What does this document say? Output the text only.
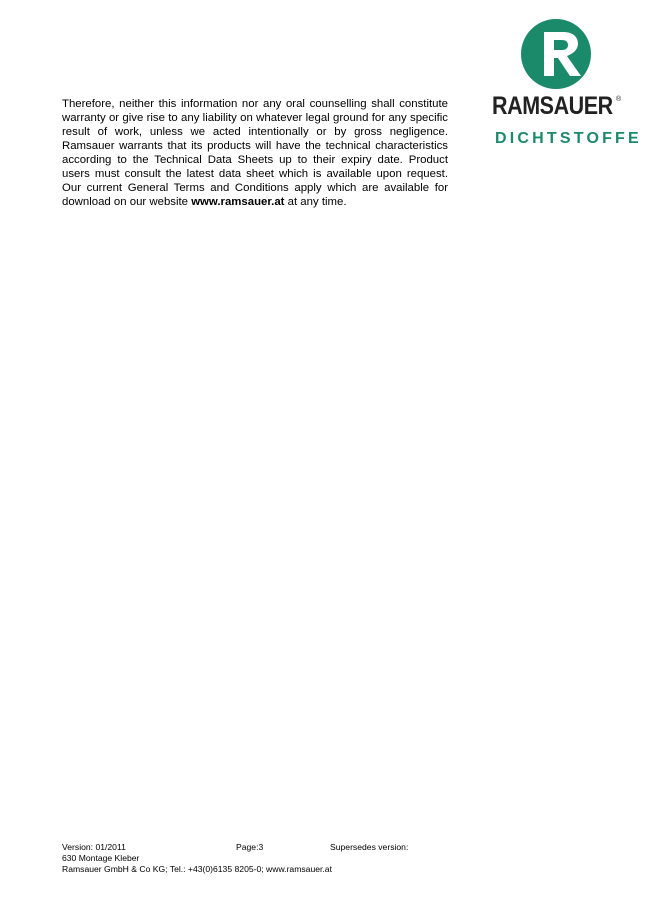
RAMSAUER ®
DICHTSTOFFE
Therefore, neither this information nor any oral counselling shall constitute warranty or give rise to any liability on whatever legal ground for any specific result of work, unless we acted intentionally or by gross negligence. Ramsauer warrants that its products will have the technical characteristics according to the Technical Data Sheets up to their expiry date. Product users must consult the latest data sheet which is available upon request. Our current General Terms and Conditions apply which are available for download on our website www.ramsauer.at at any time.
Version: 01/2011	Page:3	Supersedes version:
630 Montage Kleber
Ramsauer GmbH & Co KG; Tel.: +43(0)6135 8205-0; www.ramsauer.at
